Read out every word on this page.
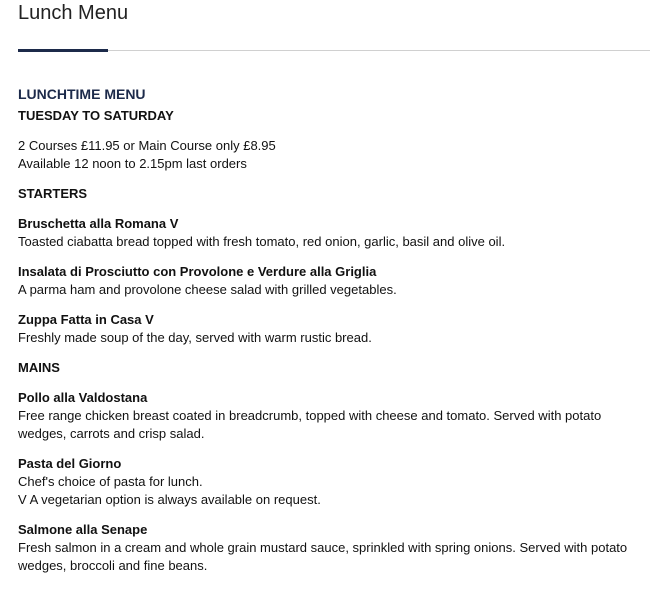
Lunch Menu
LUNCHTIME MENU
TUESDAY TO SATURDAY
2 Courses £11.95 or Main Course only £8.95
Available 12 noon to 2.15pm last orders
STARTERS
Bruschetta alla Romana V
Toasted ciabatta bread topped with fresh tomato, red onion, garlic, basil and olive oil.
Insalata di Prosciutto con Provolone e Verdure alla Griglia
A parma ham and provolone cheese salad with grilled vegetables.
Zuppa Fatta in Casa V
Freshly made soup of the day, served with warm rustic bread.
MAINS
Pollo alla Valdostana
Free range chicken breast coated in breadcrumb, topped with cheese and tomato. Served with potato wedges, carrots and crisp salad.
Pasta del Giorno
Chef's choice of pasta for lunch.
V A vegetarian option is always available on request.
Salmone alla Senape
Fresh salmon in a cream and whole grain mustard sauce, sprinkled with spring onions. Served with potato wedges, broccoli and fine beans.
